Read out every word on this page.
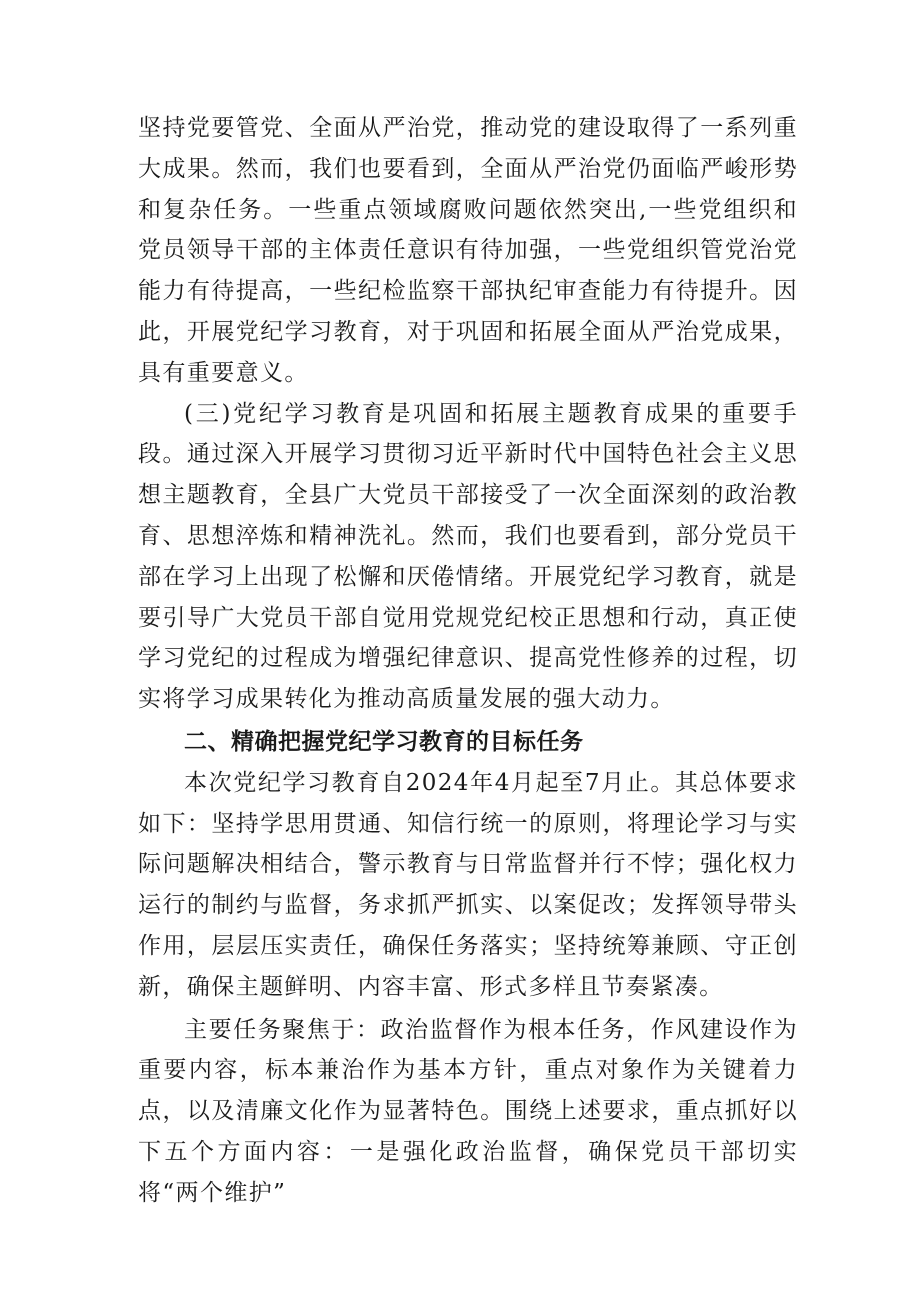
坚持党要管党、全面从严治党，推动党的建设取得了一系列重大成果。然而，我们也要看到，全面从严治党仍面临严峻形势和复杂任务。一些重点领域腐败问题依然突出,一些党组织和党员领导干部的主体责任意识有待加强，一些党组织管党治党能力有待提高，一些纪检监察干部执纪审查能力有待提升。因此，开展党纪学习教育，对于巩固和拓展全面从严治党成果，具有重要意义。

(三)党纪学习教育是巩固和拓展主题教育成果的重要手段。通过深入开展学习贯彻习近平新时代中国特色社会主义思想主题教育，全县广大党员干部接受了一次全面深刻的政治教育、思想淬炼和精神洗礼。然而，我们也要看到，部分党员干部在学习上出现了松懈和厌倦情绪。开展党纪学习教育，就是要引导广大党员干部自觉用党规党纪校正思想和行动，真正使学习党纪的过程成为增强纪律意识、提高党性修养的过程，切实将学习成果转化为推动高质量发展的强大动力。

二、精确把握党纪学习教育的目标任务

本次党纪学习教育自2024年4月起至7月止。其总体要求如下：坚持学思用贯通、知信行统一的原则，将理论学习与实际问题解决相结合，警示教育与日常监督并行不悖；强化权力运行的制约与监督，务求抓严抓实、以案促改；发挥领导带头作用，层层压实责任，确保任务落实；坚持统筹兼顾、守正创新，确保主题鲜明、内容丰富、形式多样且节奏紧凑。

主要任务聚焦于：政治监督作为根本任务，作风建设作为重要内容，标本兼治作为基本方针，重点对象作为关键着力点，以及清廉文化作为显著特色。围绕上述要求，重点抓好以下五个方面内容：一是强化政治监督，确保党员干部切实将“两个维护”
